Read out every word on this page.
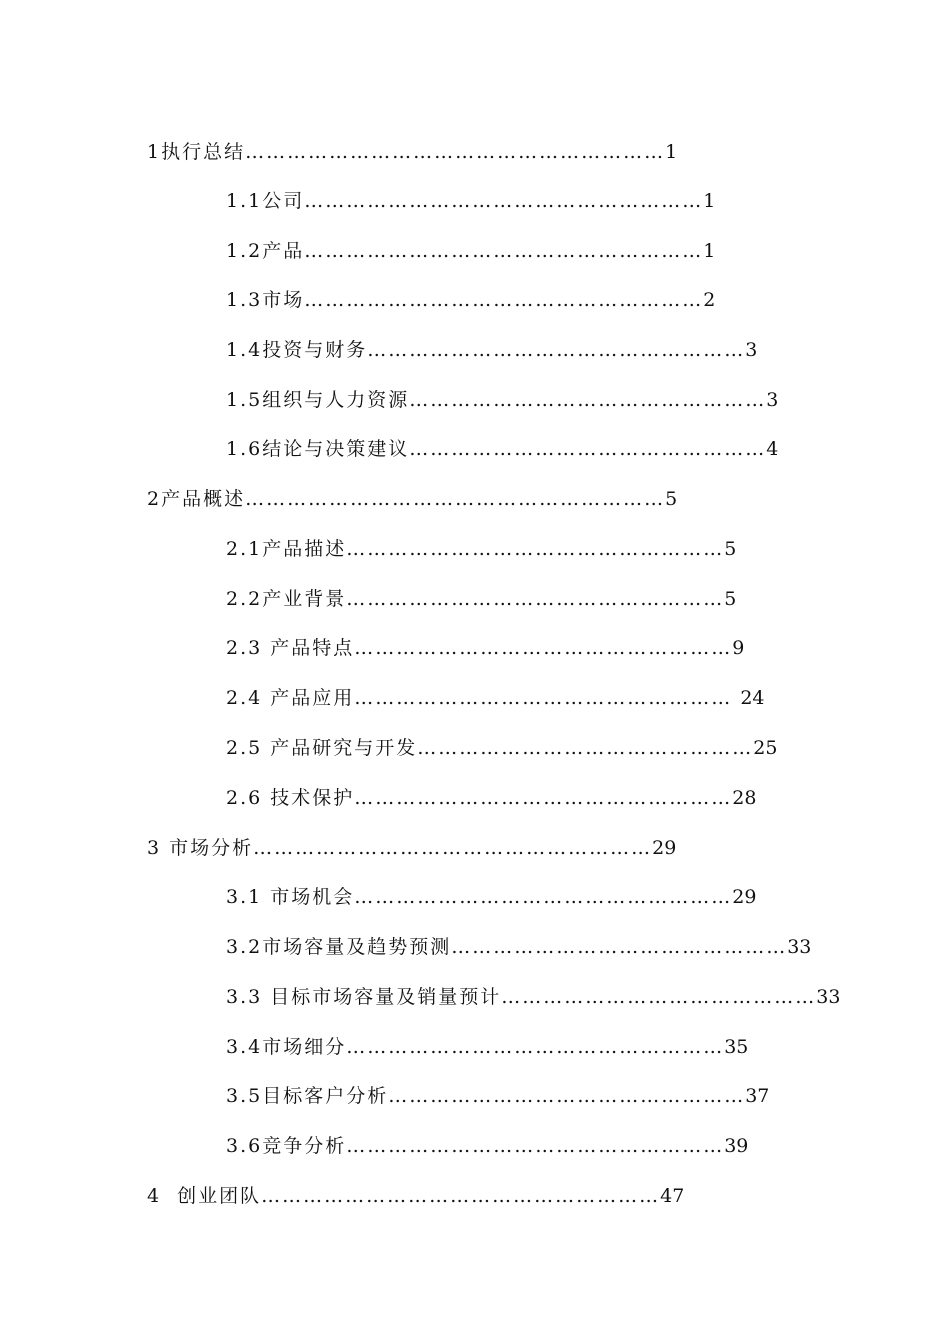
1执行总结……………………………………………………1
1.1公司…………………………………………………1
1.2产品…………………………………………………1
1.3市场…………………………………………………2
1.4投资与财务………………………………………………3
1.5组织与人力资源……………………………………………3
1.6结论与决策建议……………………………………………4
2产品概述……………………………………………………5
2.1产品描述………………………………………………5
2.2产业背景………………………………………………5
2.3 产品特点………………………………………………9
2.4 产品应用……………………………………………… 24
2.5 产品研究与开发…………………………………………25
2.6 技术保护………………………………………………28
3 市场分析…………………………………………………29
3.1 市场机会………………………………………………29
3.2市场容量及趋势预测…………………………………………33
3.3 目标市场容量及销量预计………………………………………33
3.4市场细分………………………………………………35
3.5目标客户分析……………………………………………37
3.6竞争分析………………………………………………39
4  创业团队…………………………………………………47
